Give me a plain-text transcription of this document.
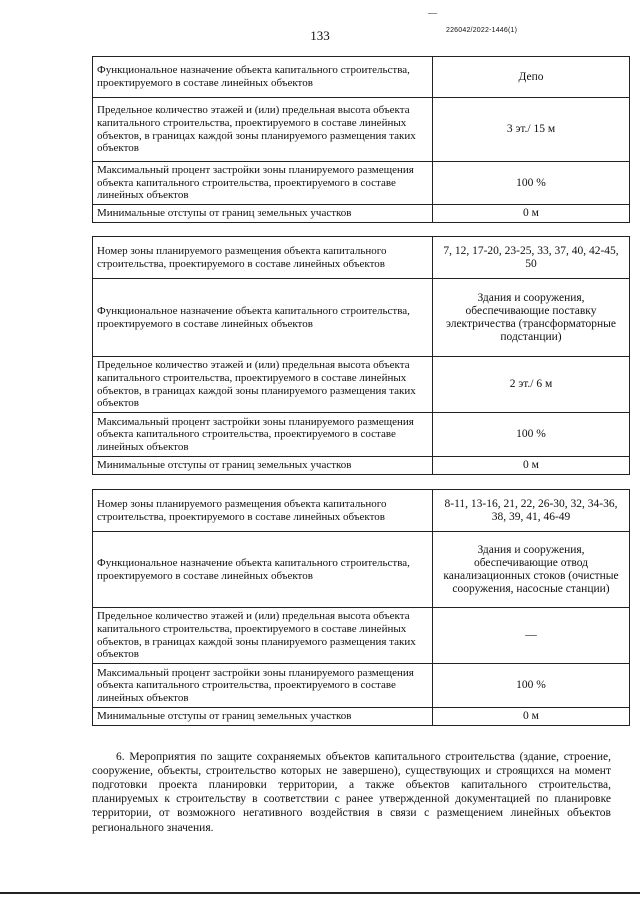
—
133	226042/2022-1446(1)
Функциональное назначение объекта капитального строительства, проектируемого в составе линейных объектов	Депо
Предельное количество этажей и (или) предельная высота объекта капитального строительства, проектируемого в составе линейных объектов, в границах каждой зоны планируемого размещения таких объектов	3 эт./ 15 м
Максимальный процент застройки зоны планируемого размещения объекта капитального строительства, проектируемого в составе линейных объектов	100 %
Минимальные отступы от границ земельных участков	0 м
Номер зоны планируемого размещения объекта капитального строительства, проектируемого в составе линейных объектов	7, 12, 17-20, 23-25, 33, 37, 40, 42-45, 50
Функциональное назначение объекта капитального строительства, проектируемого в составе линейных объектов	Здания и сооружения, обеспечивающие поставку электричества (трансформаторные подстанции)
Предельное количество этажей и (или) предельная высота объекта капитального строительства, проектируемого в составе линейных объектов, в границах каждой зоны планируемого размещения таких объектов	2 эт./ 6 м
Максимальный процент застройки зоны планируемого размещения объекта капитального строительства, проектируемого в составе линейных объектов	100 %
Минимальные отступы от границ земельных участков	0 м
Номер зоны планируемого размещения объекта капитального строительства, проектируемого в составе линейных объектов	8-11, 13-16, 21, 22, 26-30, 32, 34-36, 38, 39, 41, 46-49
Функциональное назначение объекта капитального строительства, проектируемого в составе линейных объектов	Здания и сооружения, обеспечивающие отвод канализационных стоков (очистные сооружения, насосные станции)
Предельное количество этажей и (или) предельная высота объекта капитального строительства, проектируемого в составе линейных объектов, в границах каждой зоны планируемого размещения таких объектов	—
Максимальный процент застройки зоны планируемого размещения объекта капитального строительства, проектируемого в составе линейных объектов	100 %
Минимальные отступы от границ земельных участков	0 м

6. Мероприятия по защите сохраняемых объектов капитального строительства (здание, строение, сооружение, объекты, строительство которых не завершено), существующих и строящихся на момент подготовки проекта планировки территории, а также объектов капитального строительства, планируемых к строительству в соответствии с ранее утвержденной документацией по планировке территории, от возможного негативного воздействия в связи с размещением линейных объектов регионального значения.
